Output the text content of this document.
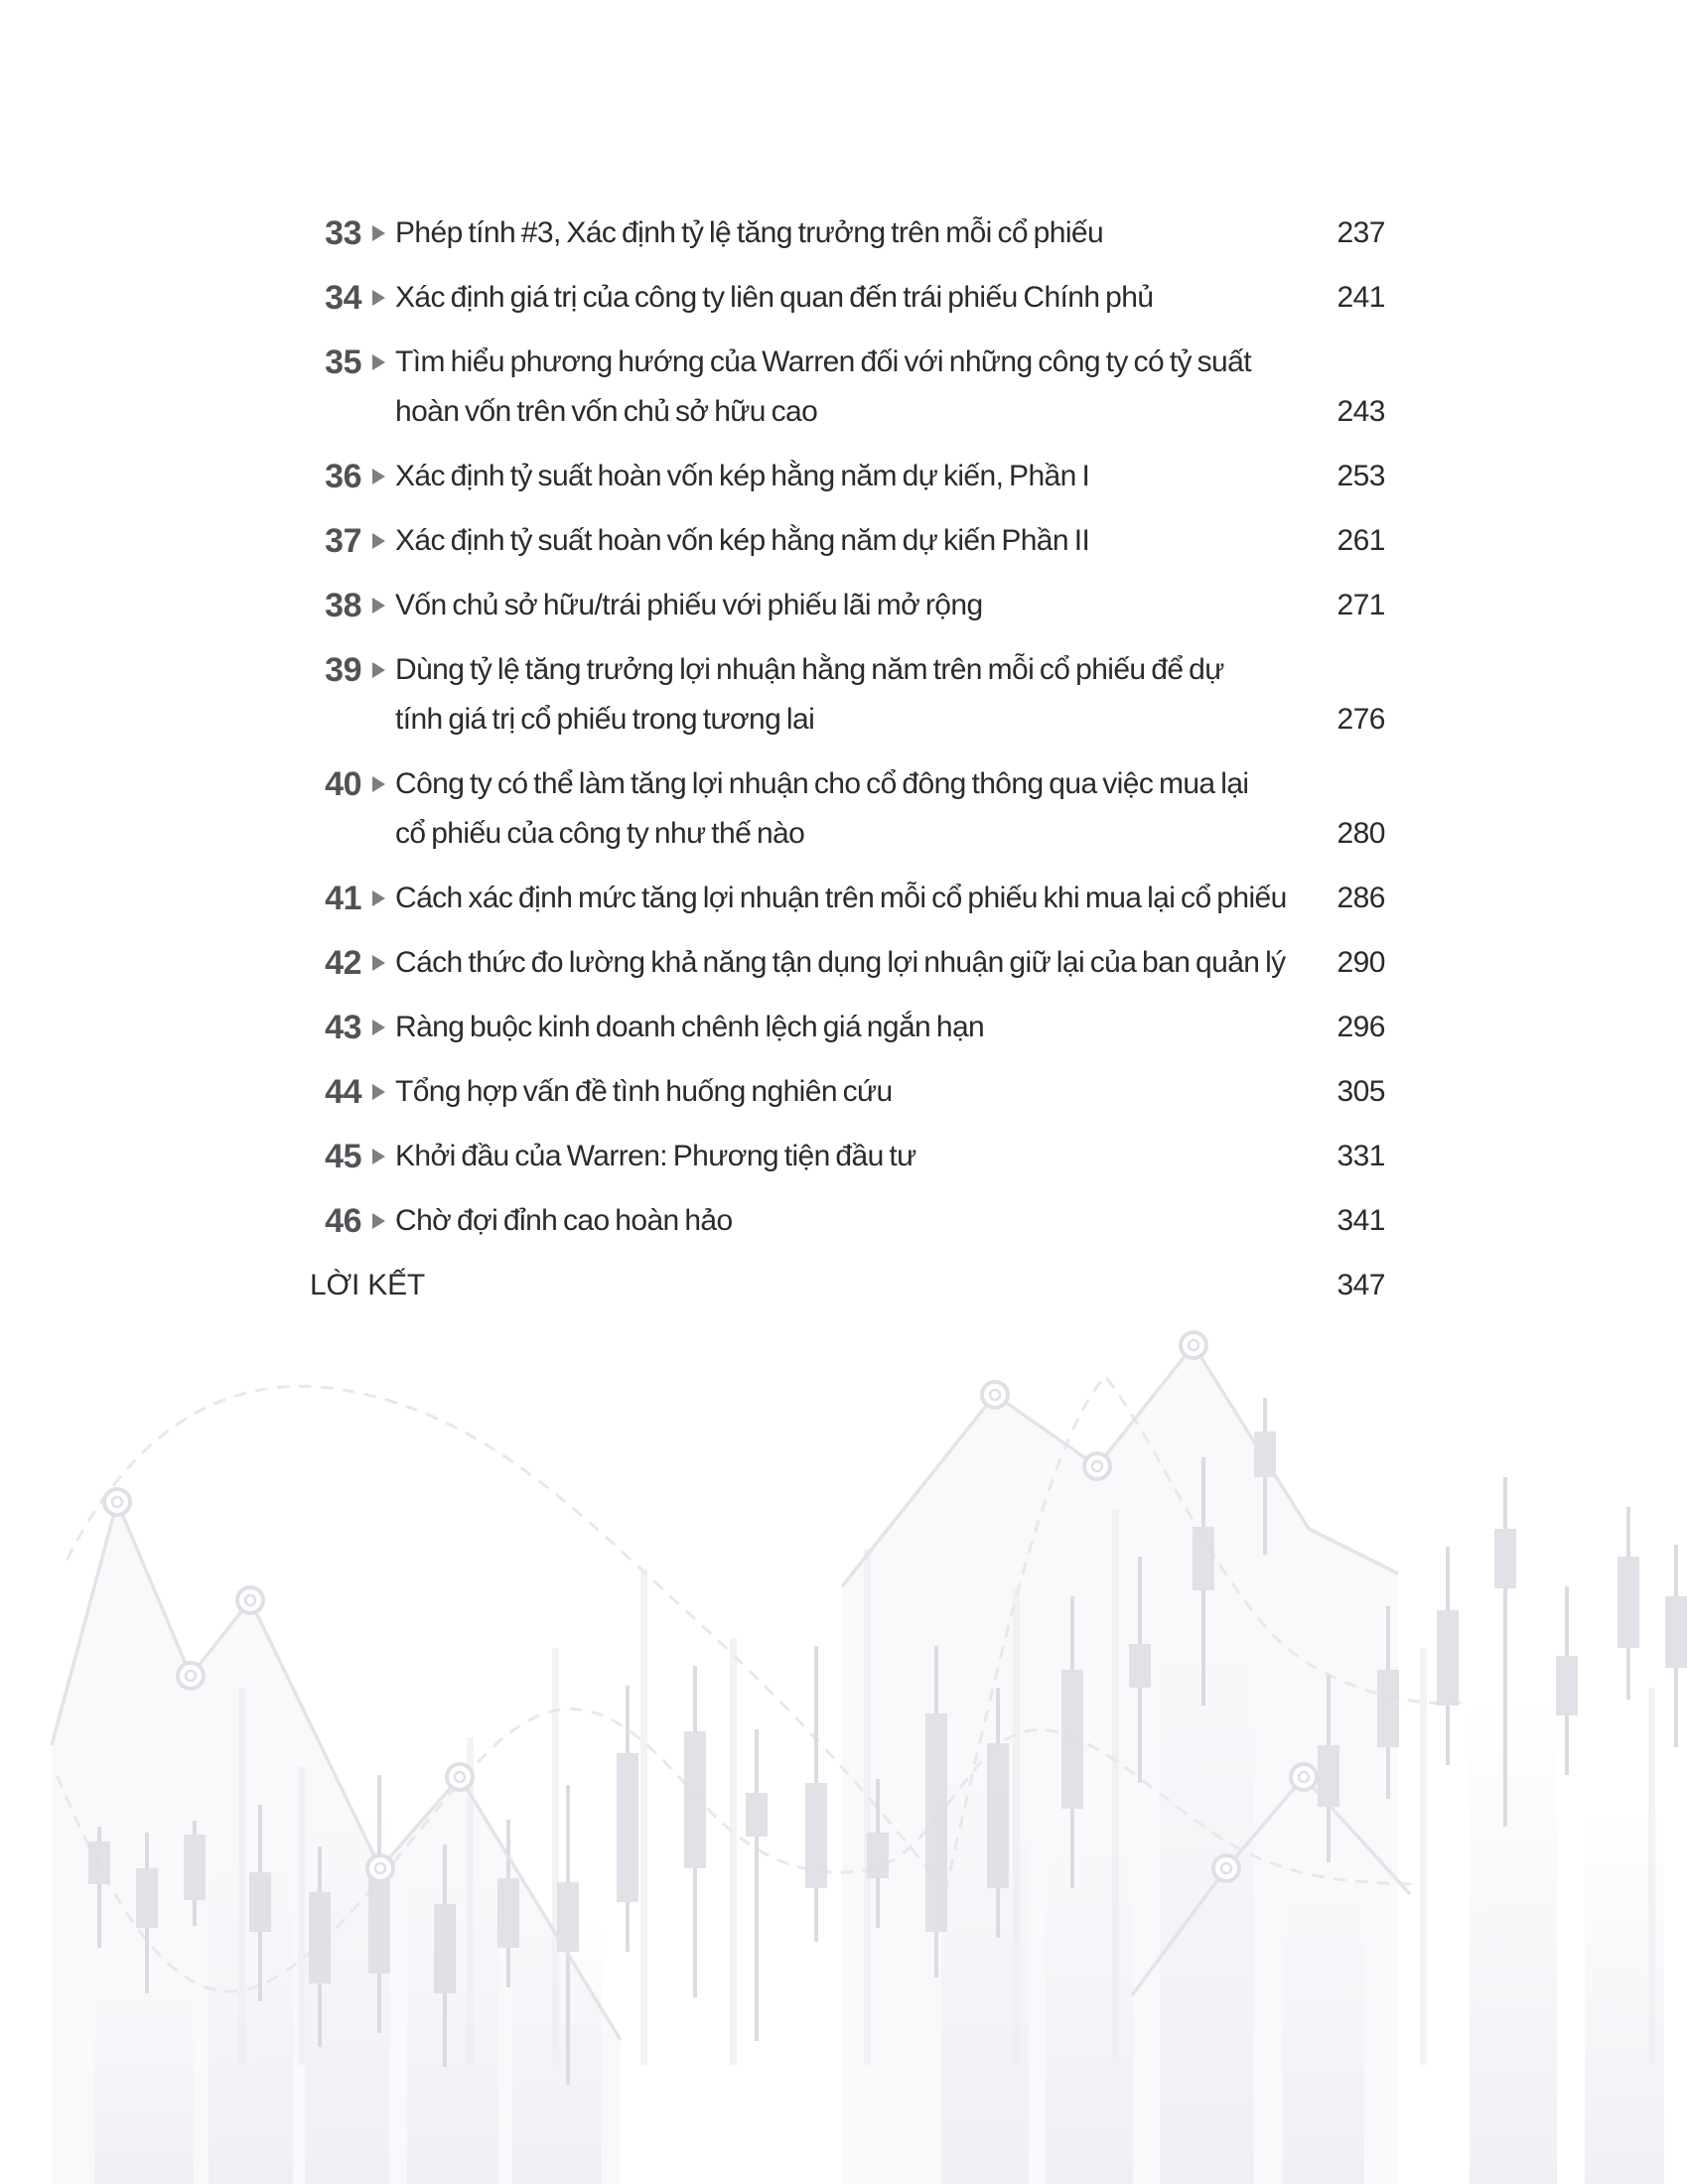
33 Phép tính #3, Xác định tỷ lệ tăng trưởng trên mỗi cổ phiếu	237
34 Xác định giá trị của công ty liên quan đến trái phiếu Chính phủ	241
35 Tìm hiểu phương hướng của Warren đối với những công ty có tỷ suất
hoàn vốn trên vốn chủ sở hữu cao	243
36 Xác định tỷ suất hoàn vốn kép hằng năm dự kiến, Phần I	253
37 Xác định tỷ suất hoàn vốn kép hằng năm dự kiến Phần II	261
38 Vốn chủ sở hữu/trái phiếu với phiếu lãi mở rộng	271
39 Dùng tỷ lệ tăng trưởng lợi nhuận hằng năm trên mỗi cổ phiếu để dự
tính giá trị cổ phiếu trong tương lai	276
40 Công ty có thể làm tăng lợi nhuận cho cổ đông thông qua việc mua lại
cổ phiếu của công ty như thế nào	280
41 Cách xác định mức tăng lợi nhuận trên mỗi cổ phiếu khi mua lại cổ phiếu	286
42 Cách thức đo lường khả năng tận dụng lợi nhuận giữ lại của ban quản lý	290
43 Ràng buộc kinh doanh chênh lệch giá ngắn hạn	296
44 Tổng hợp vấn đề tình huống nghiên cứu	305
45 Khởi đầu của Warren: Phương tiện đầu tư	331
46 Chờ đợi đỉnh cao hoàn hảo	341
LỜI KẾT	347
